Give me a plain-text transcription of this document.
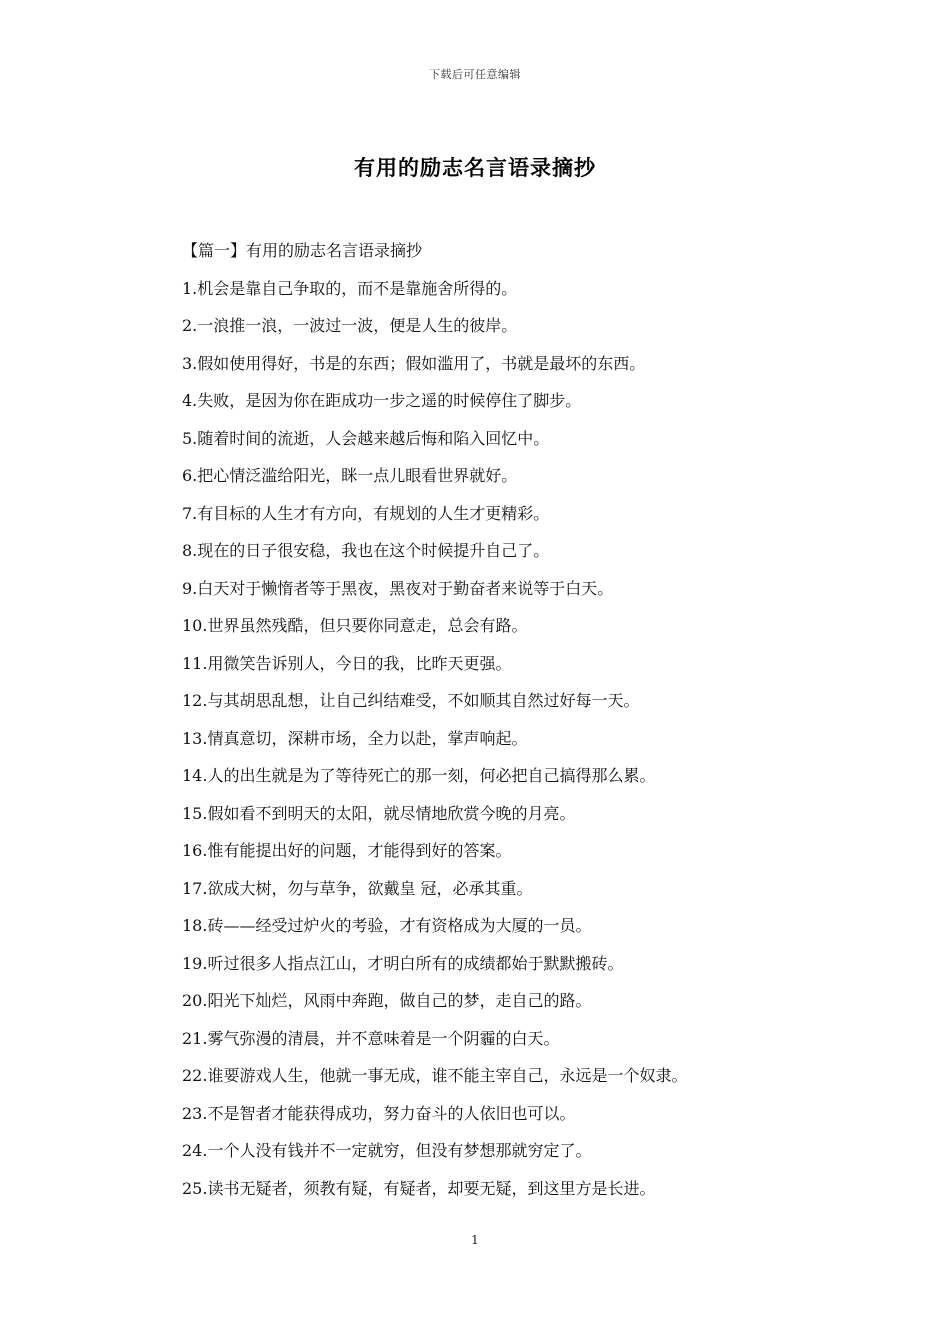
下载后可任意编辑
有用的励志名言语录摘抄
【篇一】有用的励志名言语录摘抄
1.机会是靠自己争取的，而不是靠施舍所得的。
2.一浪推一浪，一波过一波，便是人生的彼岸。
3.假如使用得好，书是的东西；假如滥用了，书就是最坏的东西。
4.失败，是因为你在距成功一步之遥的时候停住了脚步。
5.随着时间的流逝，人会越来越后悔和陷入回忆中。
6.把心情泛滥给阳光，眯一点儿眼看世界就好。
7.有目标的人生才有方向，有规划的人生才更精彩。
8.现在的日子很安稳，我也在这个时候提升自己了。
9.白天对于懒惰者等于黑夜，黑夜对于勤奋者来说等于白天。
10.世界虽然残酷，但只要你同意走，总会有路。
11.用微笑告诉别人，今日的我，比昨天更强。
12.与其胡思乱想，让自己纠结难受，不如顺其自然过好每一天。
13.情真意切，深耕市场，全力以赴，掌声响起。
14.人的出生就是为了等待死亡的那一刻，何必把自己搞得那么累。
15.假如看不到明天的太阳，就尽情地欣赏今晚的月亮。
16.惟有能提出好的问题，才能得到好的答案。
17.欲成大树，勿与草争，欲戴皇 冠，必承其重。
18.砖——经受过炉火的考验，才有资格成为大厦的一员。
19.听过很多人指点江山，才明白所有的成绩都始于默默搬砖。
20.阳光下灿烂，风雨中奔跑，做自己的梦，走自己的路。
21.雾气弥漫的清晨，并不意味着是一个阴霾的白天。
22.谁要游戏人生，他就一事无成，谁不能主宰自己，永远是一个奴隶。
23.不是智者才能获得成功，努力奋斗的人依旧也可以。
24.一个人没有钱并不一定就穷，但没有梦想那就穷定了。
25.读书无疑者，须教有疑，有疑者，却要无疑，到这里方是长进。
1
